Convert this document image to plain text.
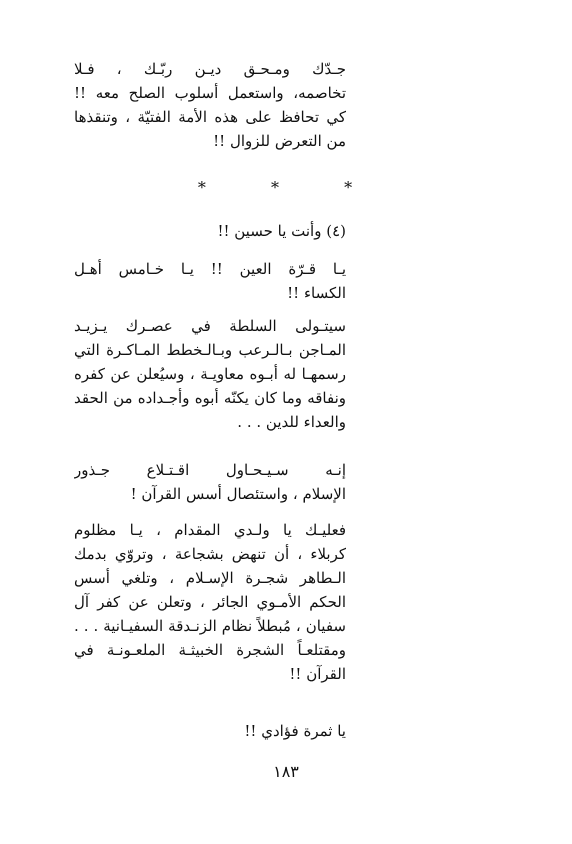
جـدّك ومـحـق ديـن ربّـك ، فـلا
تخاصمه، واستعمل أسلوب الصلح معه !!
كي تحافظ على هذه الأمة الفتيّة ، وتنقذها
من التعرض للزوال !!
*	*	*
(٤) وأنت يا حسين !!
يـا قـرّة العين !! يـا خـامس أهـل
الكساء !!
سيتـولى السلطة في عصـرك يـزيـد
المـاجن بـالـرعب وبـالـخطط المـاكـرة التي
رسمهـا له أبـوه معاويـة ، وسيُعلن عن كفره
ونفاقه وما كان يكنّه أبوه وأجـداده من الحقد
والعداء للدين . . .
إنـه سـيـحـاول اقـتـلاع جـذور
الإسلام ، واستئصال أسس القرآن !
فعليـك يا ولـدي المقدام ، يـا مظلوم
كربلاء ، أن تنهض بشجاعة ، وتروّي بدمك
الـطاهر شجـرة الإسـلام ، وتلغي أسس
الحكم الأمـوي الجائر ، وتعلن عن كفر آل
سفيان ، مُبطلاً نظام الزنـدقة السفيـانية . . .
ومقتلعـاً الشجرة الخبيثـة الملعـونـة في
القرآن !!
يا ثمرة فؤادي !!
١٨٣
